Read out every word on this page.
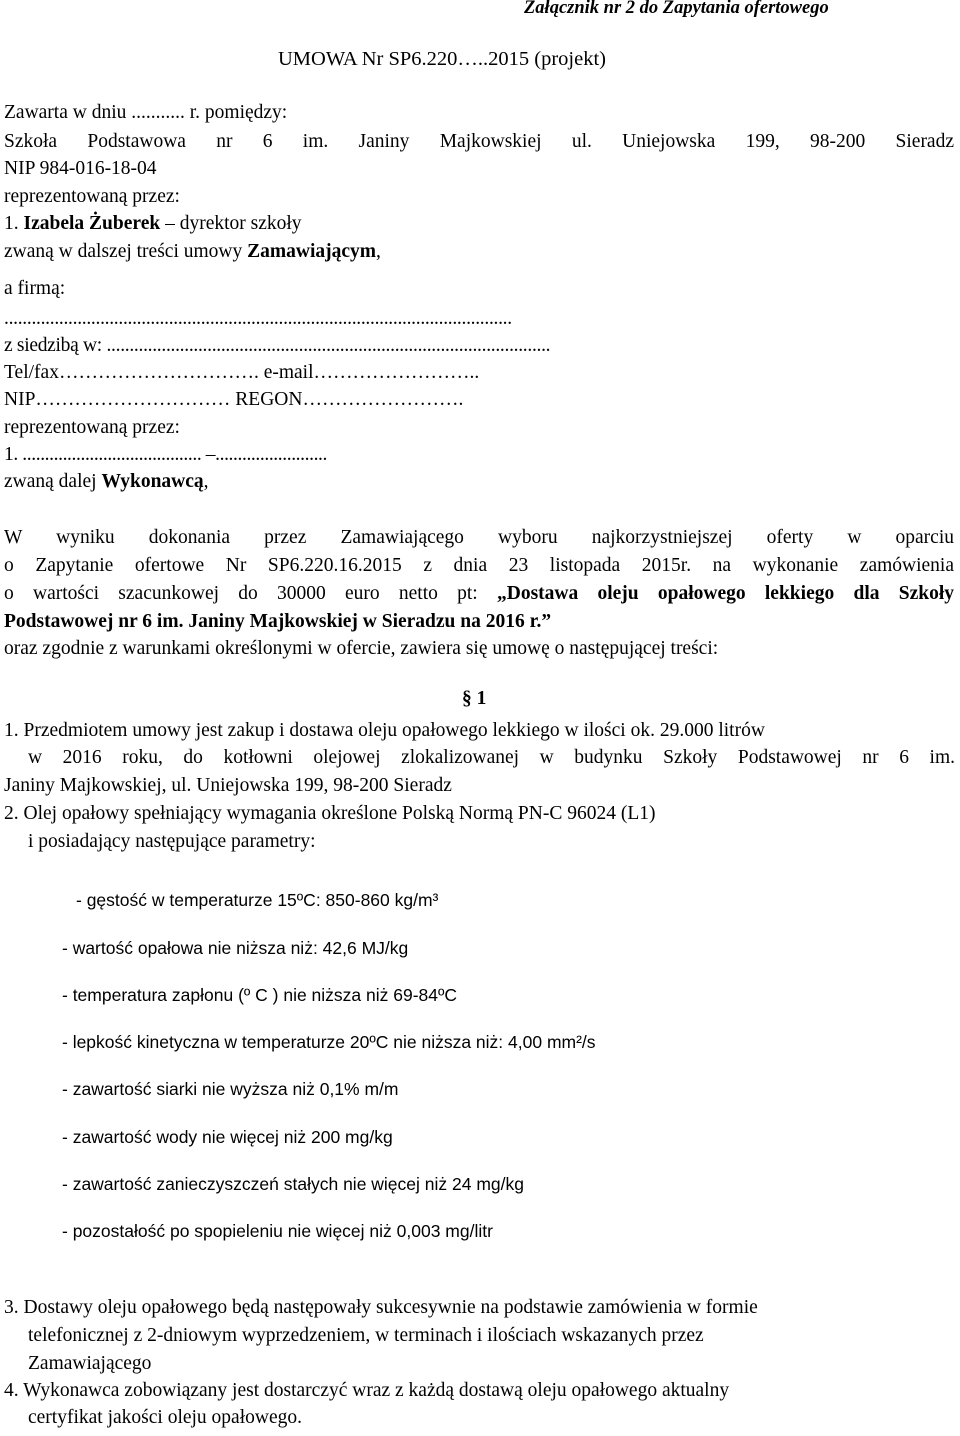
Załącznik nr 2 do Zapytania ofertowego
UMOWA Nr SP6.220…..2015 (projekt)
Zawarta w dniu ........... r. pomiędzy:
Szkoła Podstawowa nr 6 im. Janiny Majkowskiej ul. Uniejowska 199, 98-200 Sieradz
NIP 984-016-18-04
reprezentowaną przez:
1. Izabela Żuberek – dyrektor szkoły
zwaną w dalszej treści umowy Zamawiającym,
a firmą:
...............................................................................................................
z siedzibą w: .................................................................................................
Tel/fax…………………………. e-mail……………………..
NIP………………………… REGON…………………….
reprezentowaną przez:
1. ........................................ –.........................
zwaną dalej Wykonawcą,
W wyniku dokonania przez Zamawiającego wyboru najkorzystniejszej oferty w oparciu
o Zapytanie ofertowe Nr SP6.220.16.2015 z dnia 23 listopada 2015r. na wykonanie zamówienia
o wartości szacunkowej do 30000 euro netto pt: „Dostawa oleju opałowego lekkiego dla Szkoły
Podstawowej nr 6 im. Janiny Majkowskiej w Sieradzu na 2016 r.”
oraz zgodnie z warunkami określonymi w ofercie, zawiera się umowę o następującej treści:
§ 1
1. Przedmiotem umowy jest zakup i dostawa oleju opałowego lekkiego w ilości ok. 29.000 litrów
w 2016 roku, do kotłowni olejowej zlokalizowanej w budynku Szkoły Podstawowej nr 6 im.
Janiny Majkowskiej, ul. Uniejowska 199, 98-200 Sieradz
2. Olej opałowy spełniający wymagania określone Polską Normą PN-C 96024 (L1)
i posiadający następujące parametry:
- gęstość w temperaturze 15ºC: 850-860 kg/m³
- wartość opałowa nie niższa niż: 42,6 MJ/kg
- temperatura zapłonu (º C ) nie niższa niż 69-84ºC
- lepkość kinetyczna w temperaturze 20ºC nie niższa niż: 4,00 mm²/s
- zawartość siarki nie wyższa niż 0,1% m/m
- zawartość wody nie więcej niż 200 mg/kg
- zawartość zanieczyszczeń stałych nie więcej niż 24 mg/kg
- pozostałość po spopieleniu nie więcej niż 0,003 mg/litr
3. Dostawy oleju opałowego będą następowały sukcesywnie na podstawie zamówienia w formie
telefonicznej z 2-dniowym wyprzedzeniem, w terminach i ilościach wskazanych przez
Zamawiającego
4. Wykonawca zobowiązany jest dostarczyć wraz z każdą dostawą oleju opałowego aktualny
certyfikat jakości oleju opałowego.
